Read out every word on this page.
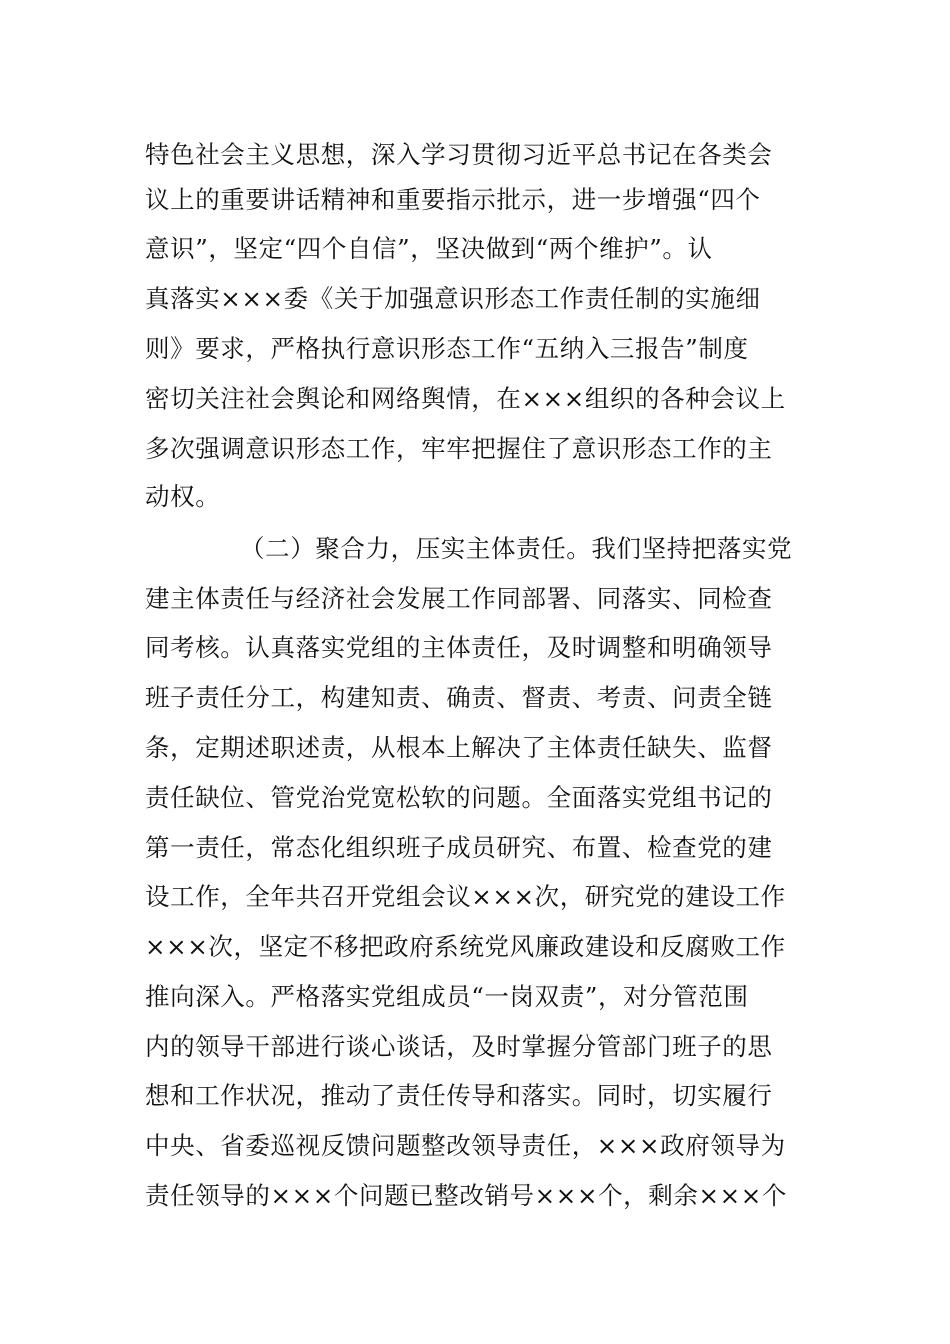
特色社会主义思想，深入学习贯彻习近平总书记在各类会
议上的重要讲话精神和重要指示批示，进一步增强“四个
意识”，坚定“四个自信”，坚决做到“两个维护”。认
真落实×××委《关于加强意识形态工作责任制的实施细
则》要求，严格执行意识形态工作“五纳入三报告”制度
密切关注社会舆论和网络舆情，在×××组织的各种会议上
多次强调意识形态工作，牢牢把握住了意识形态工作的主
动权。
（二）聚合力，压实主体责任。我们坚持把落实党
建主体责任与经济社会发展工作同部署、同落实、同检查
同考核。认真落实党组的主体责任，及时调整和明确领导
班子责任分工，构建知责、确责、督责、考责、问责全链
条，定期述职述责，从根本上解决了主体责任缺失、监督
责任缺位、管党治党宽松软的问题。全面落实党组书记的
第一责任，常态化组织班子成员研究、布置、检查党的建
设工作，全年共召开党组会议×××次，研究党的建设工作
×××次，坚定不移把政府系统党风廉政建设和反腐败工作
推向深入。严格落实党组成员“一岗双责”，对分管范围
内的领导干部进行谈心谈话，及时掌握分管部门班子的思
想和工作状况，推动了责任传导和落实。同时，切实履行
中央、省委巡视反馈问题整改领导责任，×××政府领导为
责任领导的×××个问题已整改销号×××个，剩余×××个
